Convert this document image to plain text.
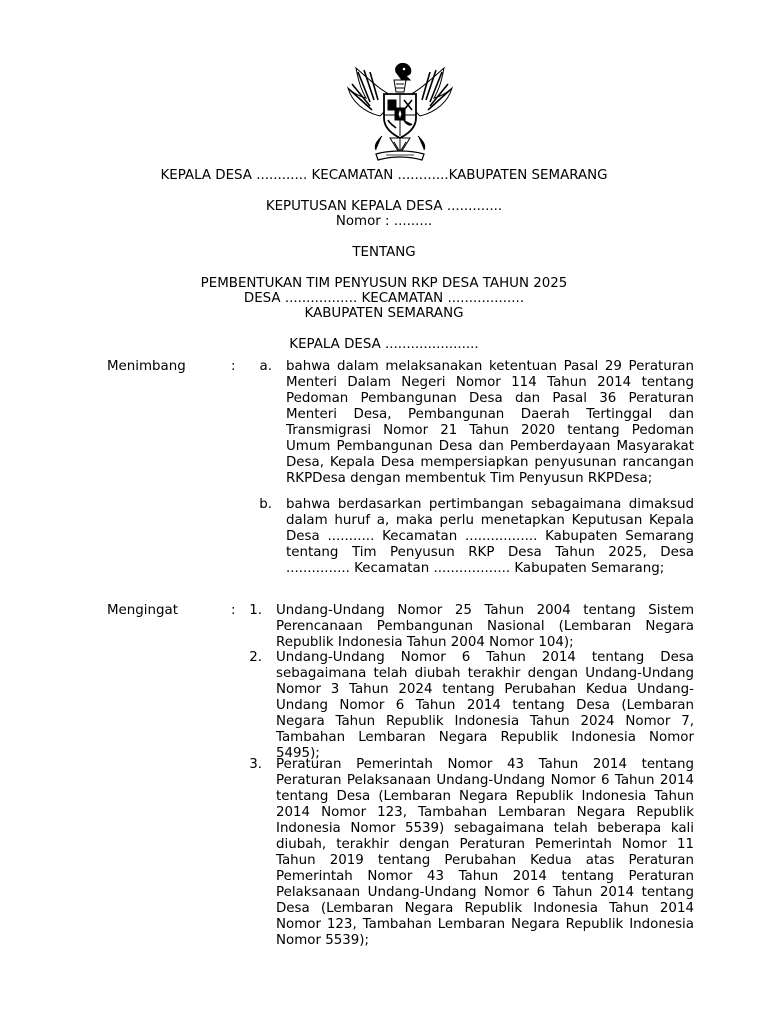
KEPALA DESA ............ KECAMATAN ............KABUPATEN SEMARANG
KEPUTUSAN KEPALA DESA .............
Nomor : .........
TENTANG
PEMBENTUKAN TIM PENYUSUN RKP DESA TAHUN 2025
DESA ................. KECAMATAN ..................
KABUPATEN SEMARANG
KEPALA DESA ......................
Menimbang	:	a. bahwa dalam melaksanakan ketentuan Pasal 29 Peraturan Menteri Dalam Negeri Nomor 114 Tahun 2014 tentang Pedoman Pembangunan Desa dan Pasal 36 Peraturan Menteri Desa, Pembangunan Daerah Tertinggal dan Transmigrasi Nomor 21 Tahun 2020 tentang Pedoman Umum Pembangunan Desa dan Pemberdayaan Masyarakat Desa, Kepala Desa mempersiapkan penyusunan rancangan RKPDesa dengan membentuk Tim Penyusun RKPDesa;
b. bahwa berdasarkan pertimbangan sebagaimana dimaksud dalam huruf a, maka perlu menetapkan Keputusan Kepala Desa ........... Kecamatan ................. Kabupaten Semarang tentang Tim Penyusun RKP Desa Tahun 2025, Desa ............... Kecamatan .................. Kabupaten Semarang;
Mengingat	:	1. Undang-Undang Nomor 25 Tahun 2004 tentang Sistem Perencanaan Pembangunan Nasional (Lembaran Negara Republik Indonesia Tahun 2004 Nomor 104);
2. Undang-Undang Nomor 6 Tahun 2014 tentang Desa sebagaimana telah diubah terakhir dengan Undang-Undang Nomor 3 Tahun 2024 tentang Perubahan Kedua Undang-Undang Nomor 6 Tahun 2014 tentang Desa (Lembaran Negara Tahun Republik Indonesia Tahun 2024 Nomor 7, Tambahan Lembaran Negara Republik Indonesia Nomor 5495);
3. Peraturan Pemerintah Nomor 43 Tahun 2014 tentang Peraturan Pelaksanaan Undang-Undang Nomor 6 Tahun 2014 tentang Desa (Lembaran Negara Republik Indonesia Tahun 2014 Nomor 123, Tambahan Lembaran Negara Republik Indonesia Nomor 5539) sebagaimana telah beberapa kali diubah, terakhir dengan Peraturan Pemerintah Nomor 11 Tahun 2019 tentang Perubahan Kedua atas Peraturan Pemerintah Nomor 43 Tahun 2014 tentang Peraturan Pelaksanaan Undang-Undang Nomor 6 Tahun 2014 tentang Desa (Lembaran Negara Republik Indonesia Tahun 2014 Nomor 123, Tambahan Lembaran Negara Republik Indonesia Nomor 5539);
